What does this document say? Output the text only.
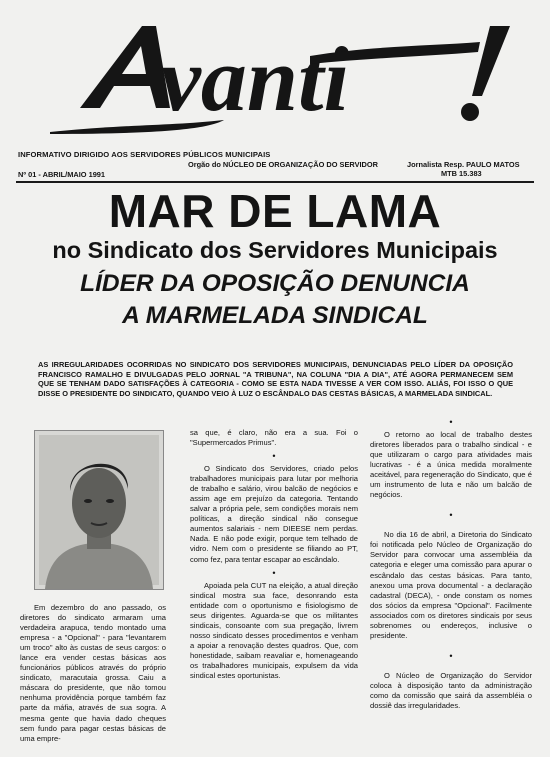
vanti
INFORMATIVO DIRIGIDO AOS SERVIDORES PÚBLICOS MUNICIPAIS
Orgão do NÚCLEO DE ORGANIZAÇÃO DO SERVIDOR	Jornalista Resp. PAULO MATOS
MTB 15.383
Nº 01 - ABRIL/MAIO 1991
MAR DE LAMA
no Sindicato dos Servidores Municipais
LÍDER DA OPOSIÇÃO DENUNCIA
A MARMELADA SINDICAL
AS IRREGULARIDADES OCORRIDAS NO SINDICATO DOS SERVIDORES MUNICIPAIS, DENUNCIADAS PELO LÍDER DA OPOSIÇÃO FRANCISCO RAMALHO E DIVULGADAS PELO JORNAL "A TRIBUNA", NA COLUNA "DIA A DIA", ATÉ AGORA PERMANECEM SEM QUE SE TENHAM DADO SATISFAÇÕES À CATEGORIA - COMO SE ESTA NADA TIVESSE A VER COM ISSO. ALIÁS, FOI ISSO O QUE DISSE O PRESIDENTE DO SINDICATO, QUANDO VEIO À LUZ O ESCÂNDALO DAS CESTAS BÁSICAS, A MARMELADA SINDICAL.

Em dezembro do ano passado, os diretores do sindicato armaram uma verdadeira arapuca, tendo montado uma empresa - a "Opcional" - para "levantarem um troco" alto às custas de seus cargos: o lance era vender cestas básicas aos funcionários públicos através do próprio sindicato, maracutaia grossa. Caiu a máscara do presidente, que não tomou nenhuma providência porque também faz parte da máfia, através de sua sogra. A mesma gente que havia dado cheques sem fundo para pagar cestas básicas de uma empre-

sa que, é claro, não era a sua. Foi o "Supermercados Primus".

•

O Sindicato dos Servidores, criado pelos trabalhadores municipais para lutar por melhoria de trabalho e salário, virou balcão de negócios e assim age em prejuízo da categoria. Tentando salvar a própria pele, sem condições morais nem políticas, a direção sindical não consegue aumentos salariais - nem DIEESE nem perdas. Nada. E não pode exigir, porque tem telhado de vidro. Nem com o presidente se filiando ao PT, como fez, para tentar escapar ao escândalo.

•

Apoiada pela CUT na eleição, a atual direção sindical mostra sua face, desonrando esta entidade com o oportunismo e fisiologismo de seus dirigentes. Aguarda-se que os militantes sindicais, consoante com sua pregação, livrem nosso sindicato desses procedimentos e venham a apoiar a renovação destes quadros. Que, com honestidade, saibam reavaliar e, homenageando os trabalhadores municipais, expulsem da vida sindical estes oportunistas.

•

O retorno ao local de trabalho destes diretores liberados para o trabalho sindical - e que utilizaram o cargo para atividades mais lucrativas - é a única medida moralmente aceitável, para regeneração do Sindicato, que é um instrumento de luta e não um balcão de negócios.

•

No dia 16 de abril, a Diretoria do Sindicato foi notificada pelo Núcleo de Organização do Servidor para convocar uma assembléia da categoria e eleger uma comissão para apurar o escândalo das cestas básicas. Para tanto, anexou uma prova documental - a declaração cadastral (DECA), - onde constam os nomes dos sócios da empresa "Opcional". Facilmente associados com os diretores sindicais por seus sobrenomes ou endereços, inclusive o presidente.

•

O Núcleo de Organização do Servidor coloca à disposição tanto da administração como da comissão que sairá da assembléia o dossiê das irregularidades.
